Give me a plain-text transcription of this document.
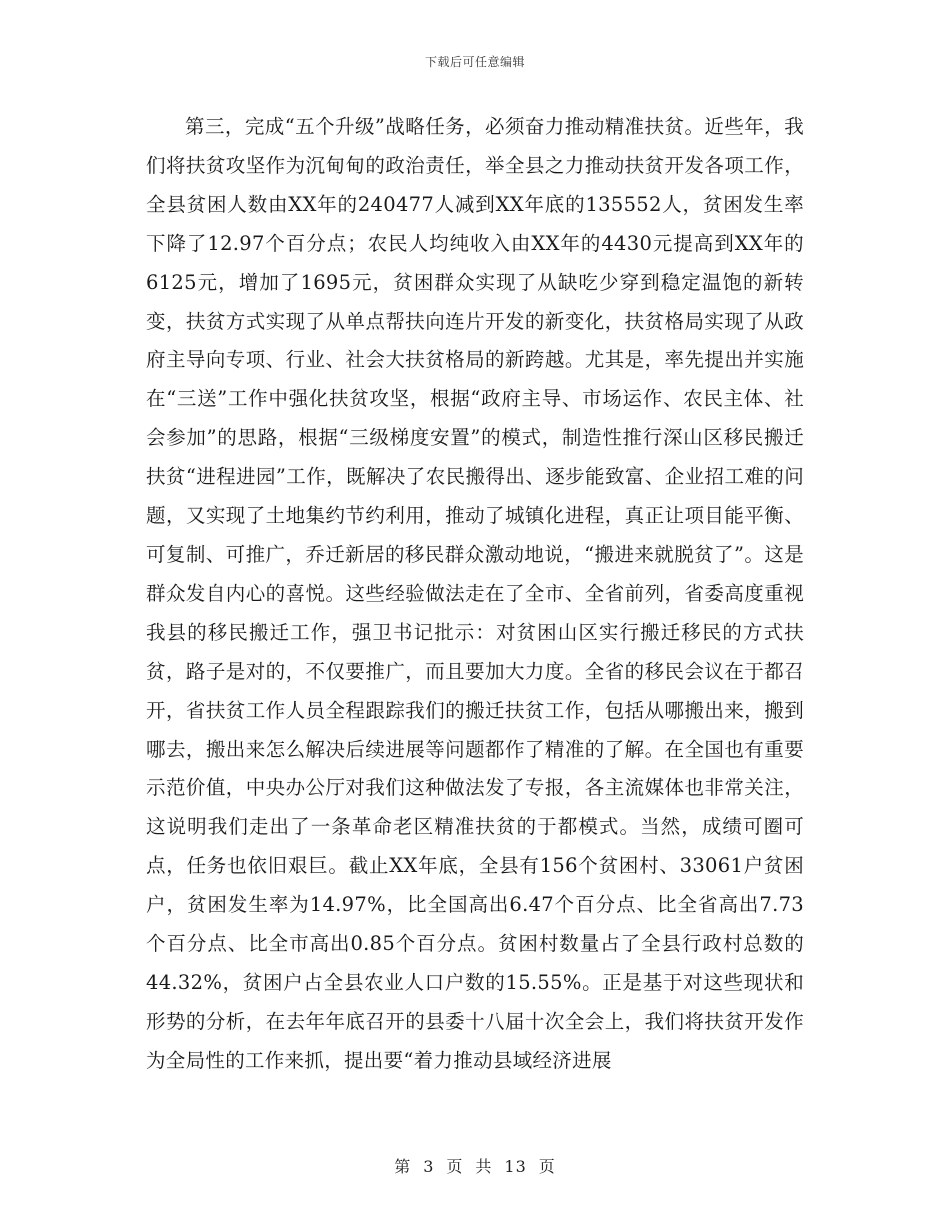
下载后可任意编辑

第三，完成“五个升级”战略任务，必须奋力推动精准扶贫。近些年，我们将扶贫攻坚作为沉甸甸的政治责任，举全县之力推动扶贫开发各项工作，全县贫困人数由XX年的240477人减到XX年底的135552人，贫困发生率下降了12.97个百分点；农民人均纯收入由XX年的4430元提高到XX年的6125元，增加了1695元，贫困群众实现了从缺吃少穿到稳定温饱的新转变，扶贫方式实现了从单点帮扶向连片开发的新变化，扶贫格局实现了从政府主导向专项、行业、社会大扶贫格局的新跨越。尤其是，率先提出并实施在“三送”工作中强化扶贫攻坚，根据“政府主导、市场运作、农民主体、社会参加”的思路，根据“三级梯度安置”的模式，制造性推行深山区移民搬迁扶贫“进程进园”工作，既解决了农民搬得出、逐步能致富、企业招工难的问题，又实现了土地集约节约利用，推动了城镇化进程，真正让项目能平衡、可复制、可推广，乔迁新居的移民群众激动地说，“搬进来就脱贫了”。这是群众发自内心的喜悦。这些经验做法走在了全市、全省前列，省委高度重视我县的移民搬迁工作，强卫书记批示：对贫困山区实行搬迁移民的方式扶贫，路子是对的，不仅要推广，而且要加大力度。全省的移民会议在于都召开，省扶贫工作人员全程跟踪我们的搬迁扶贫工作，包括从哪搬出来，搬到哪去，搬出来怎么解决后续进展等问题都作了精准的了解。在全国也有重要示范价值，中央办公厅对我们这种做法发了专报，各主流媒体也非常关注，这说明我们走出了一条革命老区精准扶贫的于都模式。当然，成绩可圈可点，任务也依旧艰巨。截止XX年底，全县有156个贫困村、33061户贫困户，贫困发生率为14.97%，比全国高出6.47个百分点、比全省高出7.73个百分点、比全市高出0.85个百分点。贫困村数量占了全县行政村总数的44.32%，贫困户占全县农业人口户数的15.55%。正是基于对这些现状和形势的分析，在去年年底召开的县委十八届十次全会上，我们将扶贫开发作为全局性的工作来抓，提出要“着力推动县域经济进展

第 3 页 共 13 页
